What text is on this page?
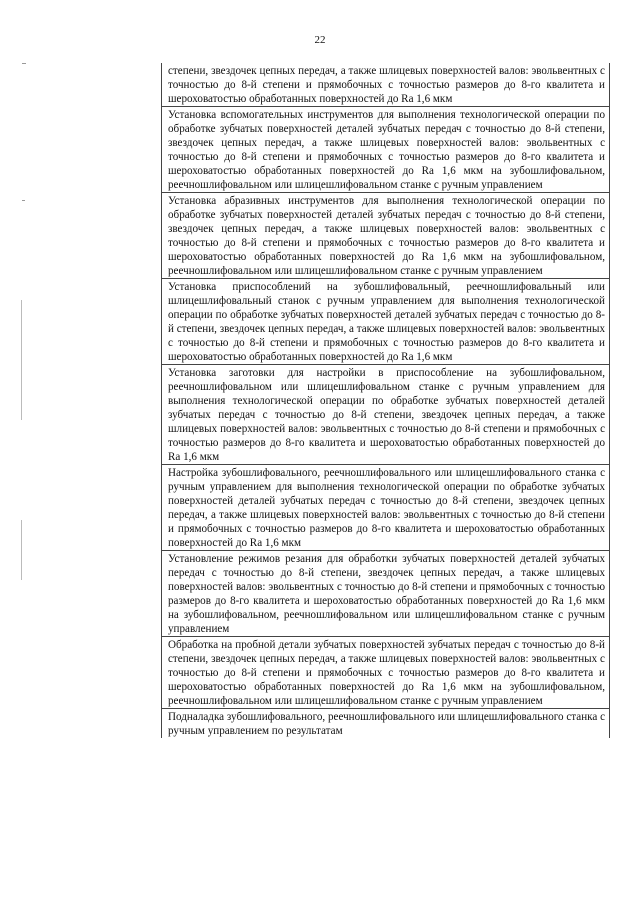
22

степени, звездочек цепных передач, а также шлицевых поверхностей валов: эвольвентных с точностью до 8-й степени и прямобочных с точностью размеров до 8-го квалитета и шероховатостью обработанных поверхностей до Ra 1,6 мкм

Установка вспомогательных инструментов для выполнения технологической операции по обработке зубчатых поверхностей деталей зубчатых передач с точностью до 8-й степени, звездочек цепных передач, а также шлицевых поверхностей валов: эвольвентных с точностью до 8-й степени и прямобочных с точностью размеров до 8-го квалитета и шероховатостью обработанных поверхностей до Ra 1,6 мкм на зубошлифовальном, реечношлифовальном или шлицешлифовальном станке с ручным управлением

Установка абразивных инструментов для выполнения технологической операции по обработке зубчатых поверхностей деталей зубчатых передач с точностью до 8-й степени, звездочек цепных передач, а также шлицевых поверхностей валов: эвольвентных с точностью до 8-й степени и прямобочных с точностью размеров до 8-го квалитета и шероховатостью обработанных поверхностей до Ra 1,6 мкм на зубошлифовальном, реечношлифовальном или шлицешлифовальном станке с ручным управлением

Установка приспособлений на зубошлифовальный, реечношлифовальный или шлицешлифовальный станок с ручным управлением для выполнения технологической операции по обработке зубчатых поверхностей деталей зубчатых передач с точностью до 8-й степени, звездочек цепных передач, а также шлицевых поверхностей валов: эвольвентных с точностью до 8-й степени и прямобочных с точностью размеров до 8-го квалитета и шероховатостью обработанных поверхностей до Ra 1,6 мкм

Установка заготовки для настройки в приспособление на зубошлифовальном, реечношлифовальном или шлицешлифовальном станке с ручным управлением для выполнения технологической операции по обработке зубчатых поверхностей деталей зубчатых передач с точностью до 8-й степени, звездочек цепных передач, а также шлицевых поверхностей валов: эвольвентных с точностью до 8-й степени и прямобочных с точностью размеров до 8-го квалитета и шероховатостью обработанных поверхностей до Ra 1,6 мкм

Настройка зубошлифовального, реечношлифовального или шлицешлифовального станка с ручным управлением для выполнения технологической операции по обработке зубчатых поверхностей деталей зубчатых передач с точностью до 8-й степени, звездочек цепных передач, а также шлицевых поверхностей валов: эвольвентных с точностью до 8-й степени и прямобочных с точностью размеров до 8-го квалитета и шероховатостью обработанных поверхностей до Ra 1,6 мкм

Установление режимов резания для обработки зубчатых поверхностей деталей зубчатых передач с точностью до 8-й степени, звездочек цепных передач, а также шлицевых поверхностей валов: эвольвентных с точностью до 8-й степени и прямобочных с точностью размеров до 8-го квалитета и шероховатостью обработанных поверхностей до Ra 1,6 мкм на зубошлифовальном, реечношлифовальном или шлицешлифовальном станке с ручным управлением

Обработка на пробной детали зубчатых поверхностей зубчатых передач с точностью до 8-й степени, звездочек цепных передач, а также шлицевых поверхностей валов: эвольвентных с точностью до 8-й степени и прямобочных с точностью размеров до 8-го квалитета и шероховатостью обработанных поверхностей до Ra 1,6 мкм на зубошлифовальном, реечношлифовальном или шлицешлифовальном станке с ручным управлением

Подналадка зубошлифовального, реечношлифовального или шлицешлифовального станка с ручным управлением по результатам
